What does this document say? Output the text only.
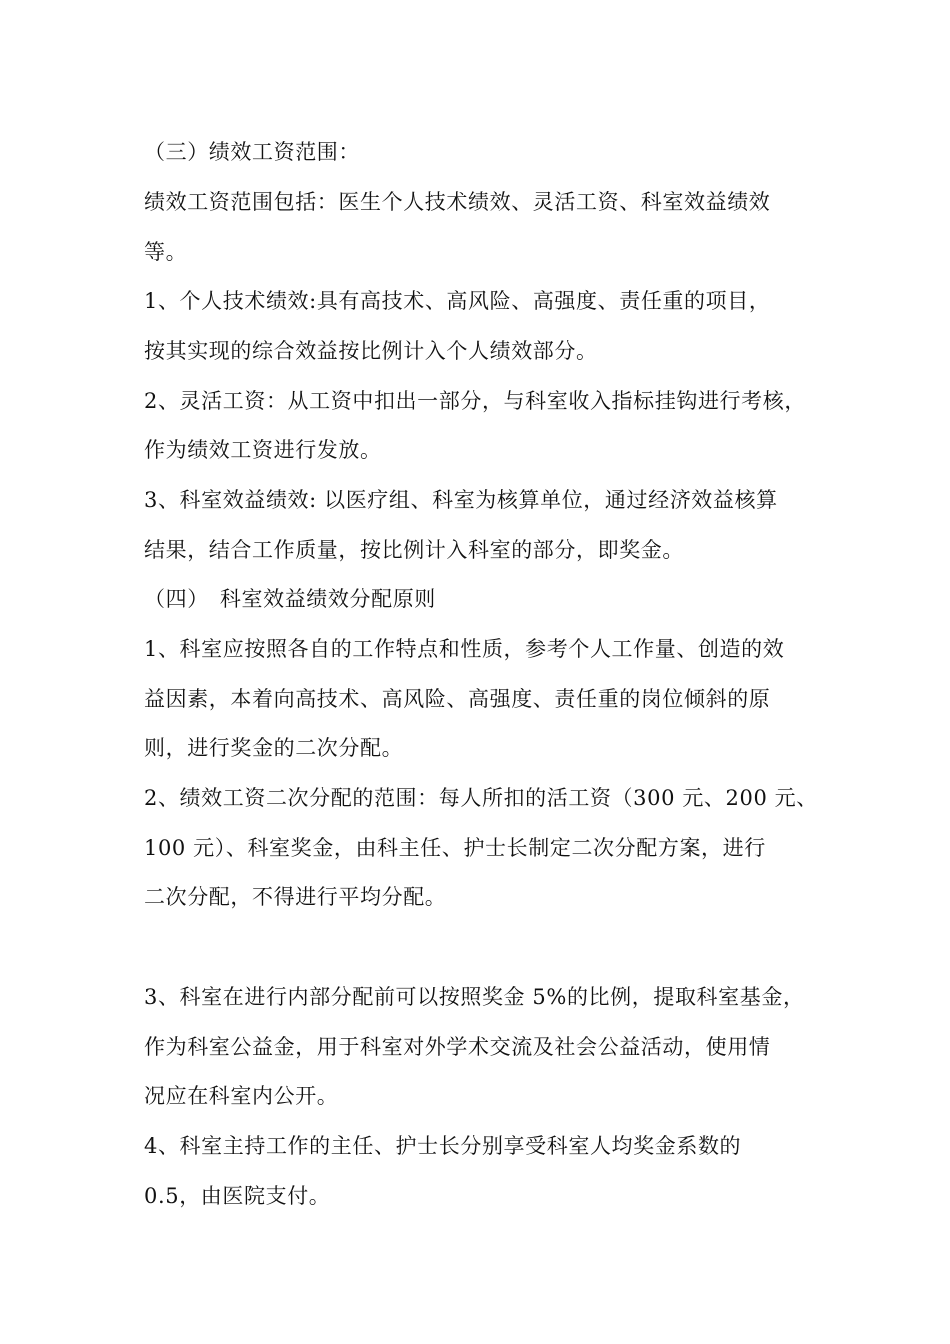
（三）绩效工资范围：
绩效工资范围包括：医生个人技术绩效、灵活工资、科室效益绩效
等。
1、个人技术绩效:具有高技术、高风险、高强度、责任重的项目，
按其实现的综合效益按比例计入个人绩效部分。
2、灵活工资：从工资中扣出一部分，与科室收入指标挂钩进行考核，
作为绩效工资进行发放。
3、科室效益绩效: 以医疗组、科室为核算单位，通过经济效益核算
结果，结合工作质量，按比例计入科室的部分，即奖金。
（四）　科室效益绩效分配原则
1、科室应按照各自的工作特点和性质，参考个人工作量、创造的效
益因素，本着向高技术、高风险、高强度、责任重的岗位倾斜的原
则，进行奖金的二次分配。
2、绩效工资二次分配的范围：每人所扣的活工资（300 元、200 元、
100 元）、科室奖金，由科主任、护士长制定二次分配方案，进行
二次分配，不得进行平均分配。
3、科室在进行内部分配前可以按照奖金 5%的比例，提取科室基金，
作为科室公益金，用于科室对外学术交流及社会公益活动，使用情
况应在科室内公开。
4、科室主持工作的主任、护士长分别享受科室人均奖金系数的
0.5，由医院支付。
